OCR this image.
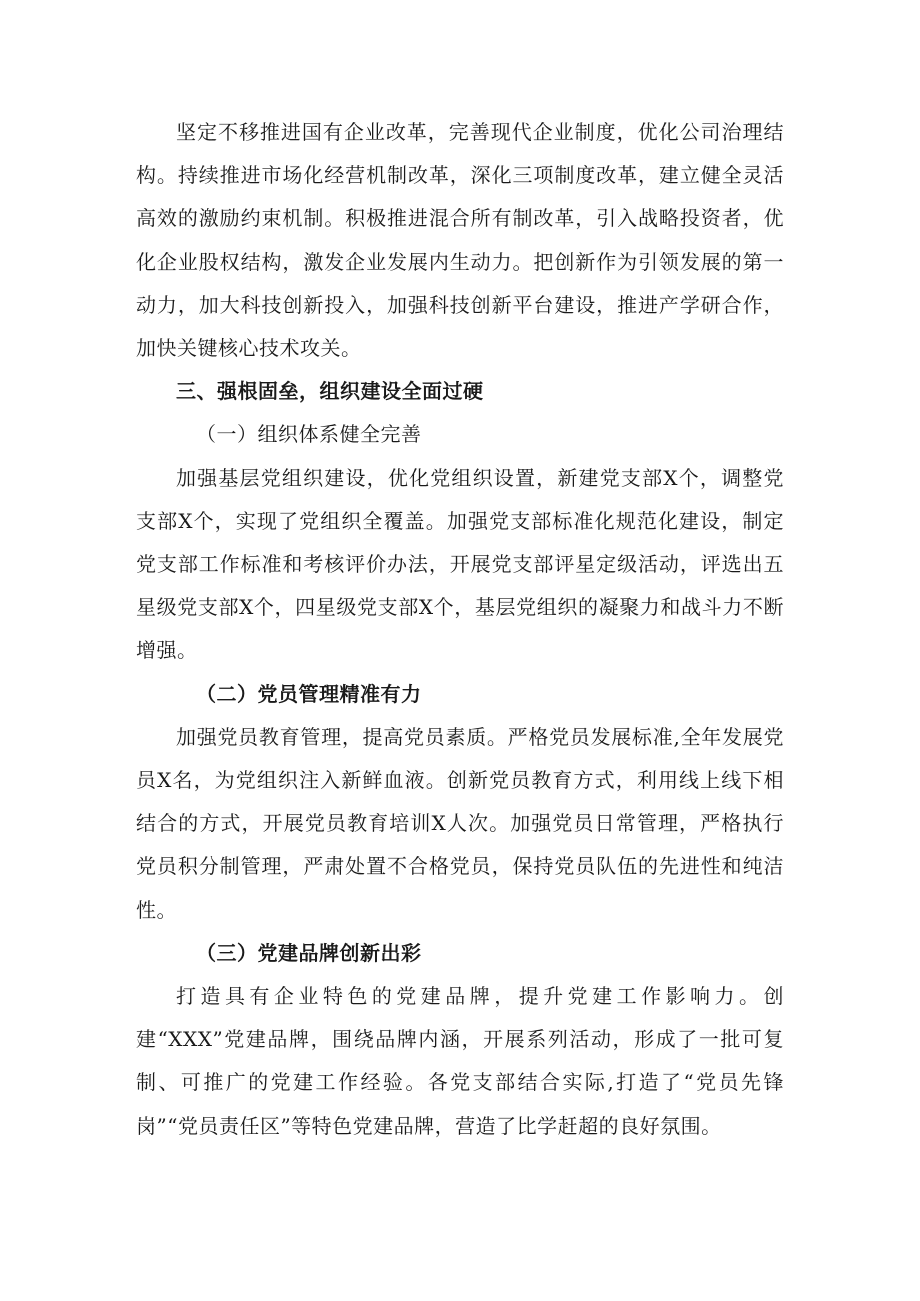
坚定不移推进国有企业改革，完善现代企业制度，优化公司治理结构。持续推进市场化经营机制改革，深化三项制度改革，建立健全灵活高效的激励约束机制。积极推进混合所有制改革，引入战略投资者，优化企业股权结构，激发企业发展内生动力。把创新作为引领发展的第一动力，加大科技创新投入，加强科技创新平台建设，推进产学研合作，加快关键核心技术攻关。

三、强根固垒，组织建设全面过硬

（一）组织体系健全完善

加强基层党组织建设，优化党组织设置，新建党支部X个，调整党支部X个，实现了党组织全覆盖。加强党支部标准化规范化建设，制定党支部工作标准和考核评价办法，开展党支部评星定级活动，评选出五星级党支部X个，四星级党支部X个，基层党组织的凝聚力和战斗力不断增强。

（二）党员管理精准有力

加强党员教育管理，提高党员素质。严格党员发展标准,全年发展党员X名，为党组织注入新鲜血液。创新党员教育方式，利用线上线下相结合的方式，开展党员教育培训X人次。加强党员日常管理，严格执行党员积分制管理，严肃处置不合格党员，保持党员队伍的先进性和纯洁性。

（三）党建品牌创新出彩

打造具有企业特色的党建品牌，提升党建工作影响力。创建“XXX”党建品牌，围绕品牌内涵，开展系列活动，形成了一批可复制、可推广的党建工作经验。各党支部结合实际,打造了“党员先锋岗”“党员责任区”等特色党建品牌，营造了比学赶超的良好氛围。
